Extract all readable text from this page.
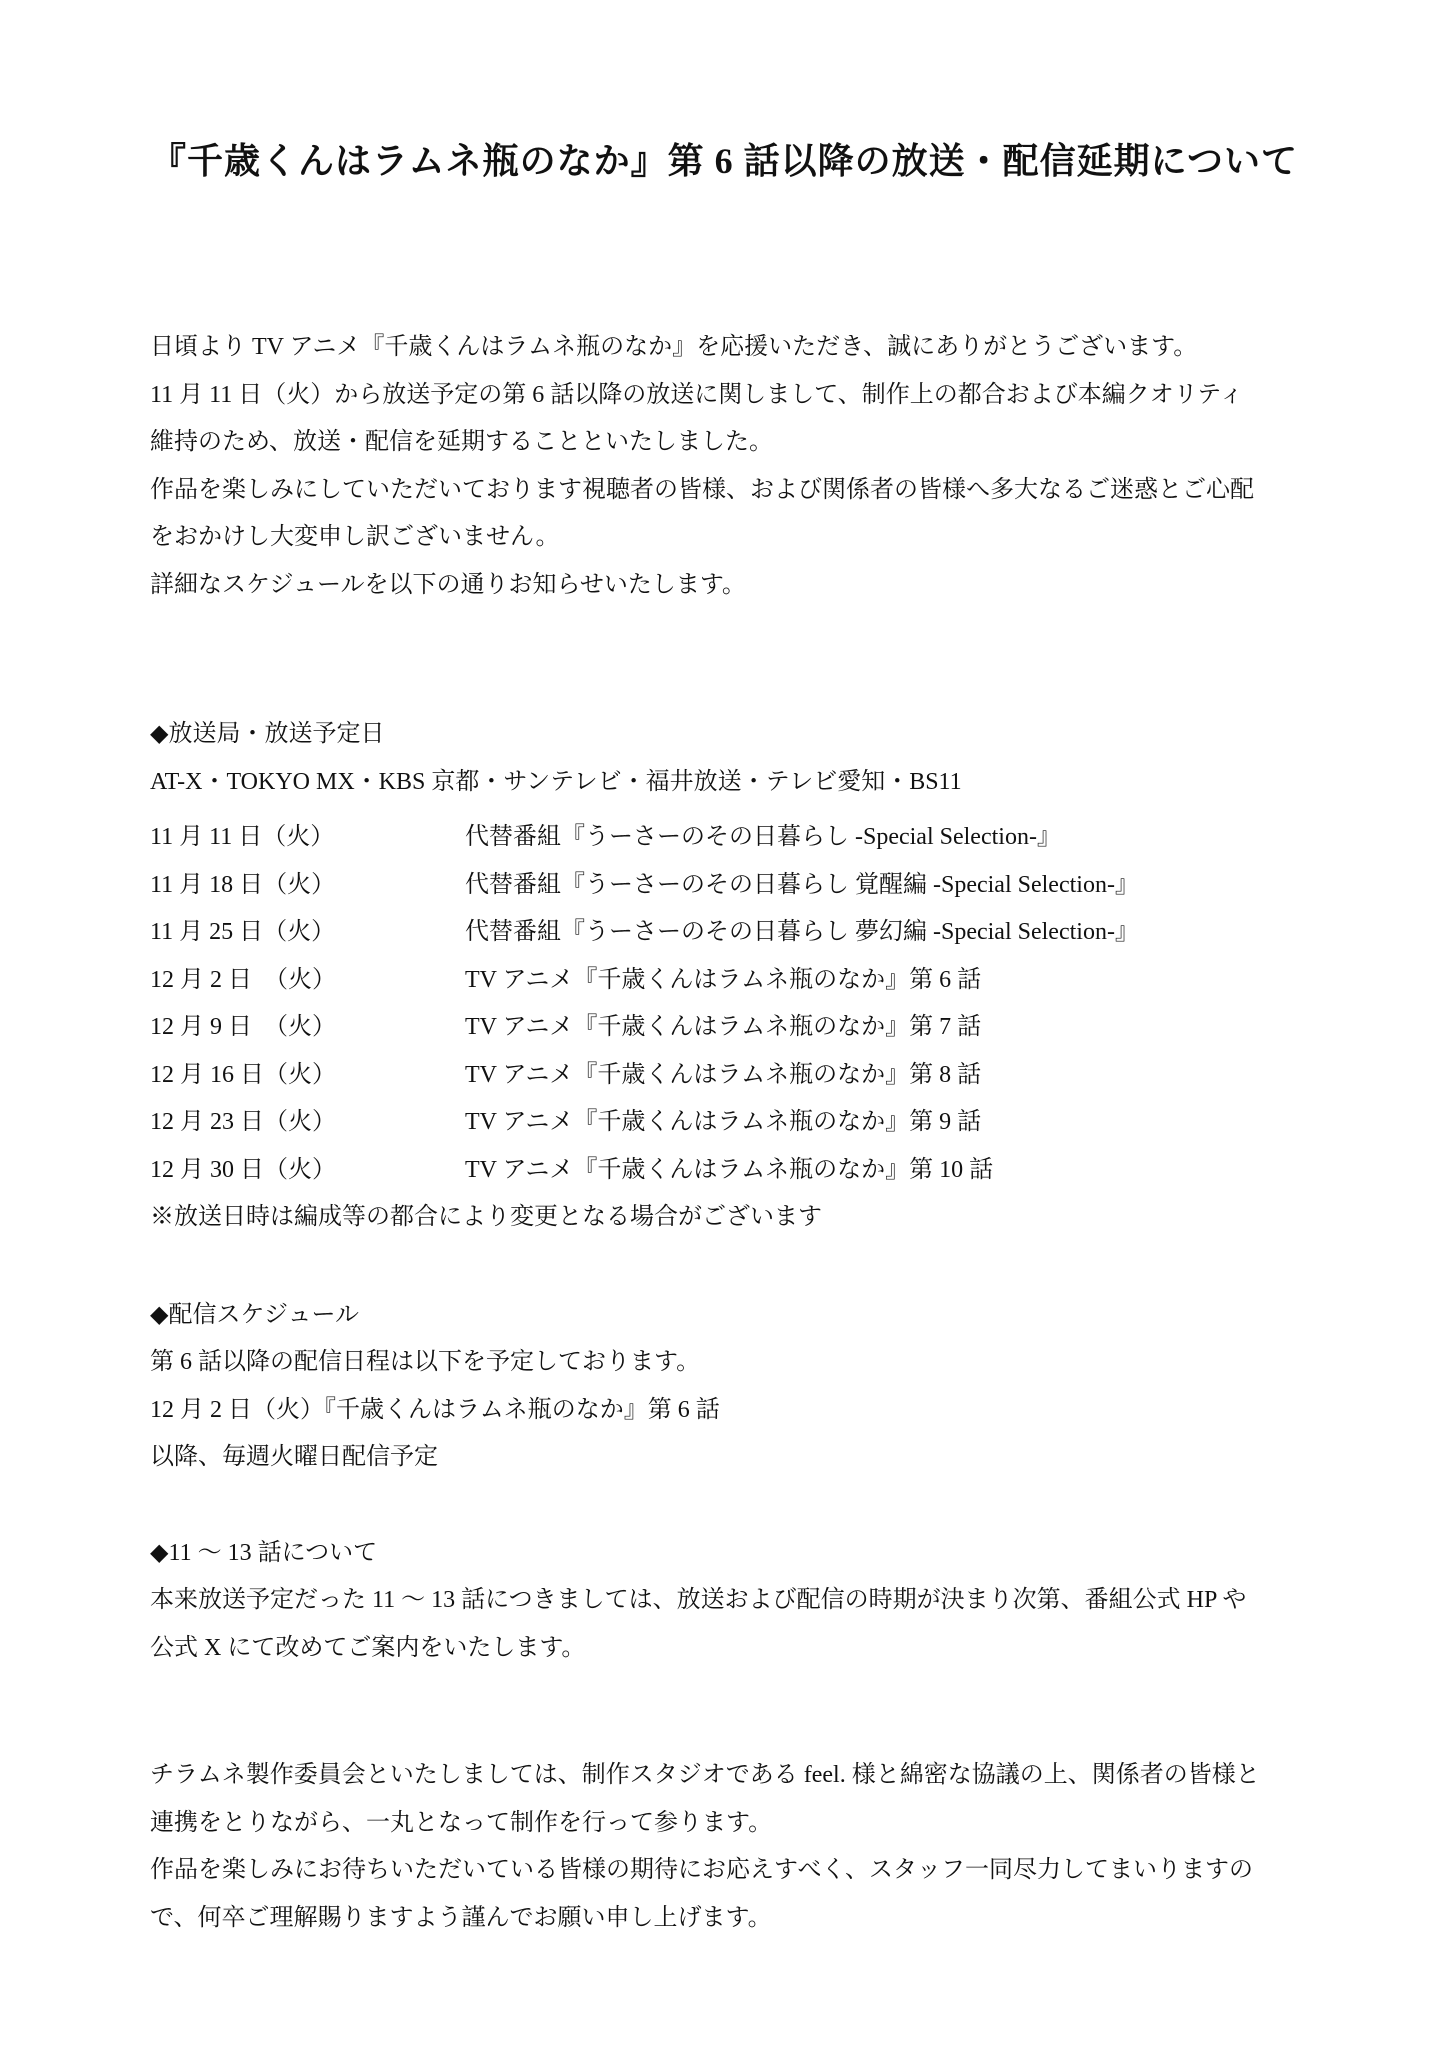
『千歳くんはラムネ瓶のなか』第 6 話以降の放送・配信延期について

日頃より TV アニメ『千歳くんはラムネ瓶のなか』を応援いただき、誠にありがとうございます。

11 月 11 日（火）から放送予定の第 6 話以降の放送に関しまして、制作上の都合および本編クオリティ

維持のため、放送・配信を延期することといたしました。

作品を楽しみにしていただいております視聴者の皆様、および関係者の皆様へ多大なるご迷惑とご心配

をおかけし大変申し訳ございません。

詳細なスケジュールを以下の通りお知らせいたします。

◆放送局・放送予定日

AT-X・TOKYO MX・KBS 京都・サンテレビ・福井放送・テレビ愛知・BS11

11 月 11 日（火）	代替番組『うーさーのその日暮らし -Special Selection-』

11 月 18 日（火）	代替番組『うーさーのその日暮らし 覚醒編 -Special Selection-』

11 月 25 日（火）	代替番組『うーさーのその日暮らし 夢幻編 -Special Selection-』

12 月 2 日　（火）	TV アニメ『千歳くんはラムネ瓶のなか』第 6 話

12 月 9 日　（火）	TV アニメ『千歳くんはラムネ瓶のなか』第 7 話

12 月 16 日（火）	TV アニメ『千歳くんはラムネ瓶のなか』第 8 話

12 月 23 日（火）	TV アニメ『千歳くんはラムネ瓶のなか』第 9 話

12 月 30 日（火）	TV アニメ『千歳くんはラムネ瓶のなか』第 10 話

※放送日時は編成等の都合により変更となる場合がございます

◆配信スケジュール

第 6 話以降の配信日程は以下を予定しております。

12 月 2 日（火）『千歳くんはラムネ瓶のなか』第 6 話

以降、毎週火曜日配信予定

◆11 ～ 13 話について

本来放送予定だった 11 ～ 13 話につきましては、放送および配信の時期が決まり次第、番組公式 HP や

公式 X にて改めてご案内をいたします。

チラムネ製作委員会といたしましては、制作スタジオである feel. 様と綿密な協議の上、関係者の皆様と

連携をとりながら、一丸となって制作を行って参ります。

作品を楽しみにお待ちいただいている皆様の期待にお応えすべく、スタッフ一同尽力してまいりますの

で、何卒ご理解賜りますよう謹んでお願い申し上げます。
